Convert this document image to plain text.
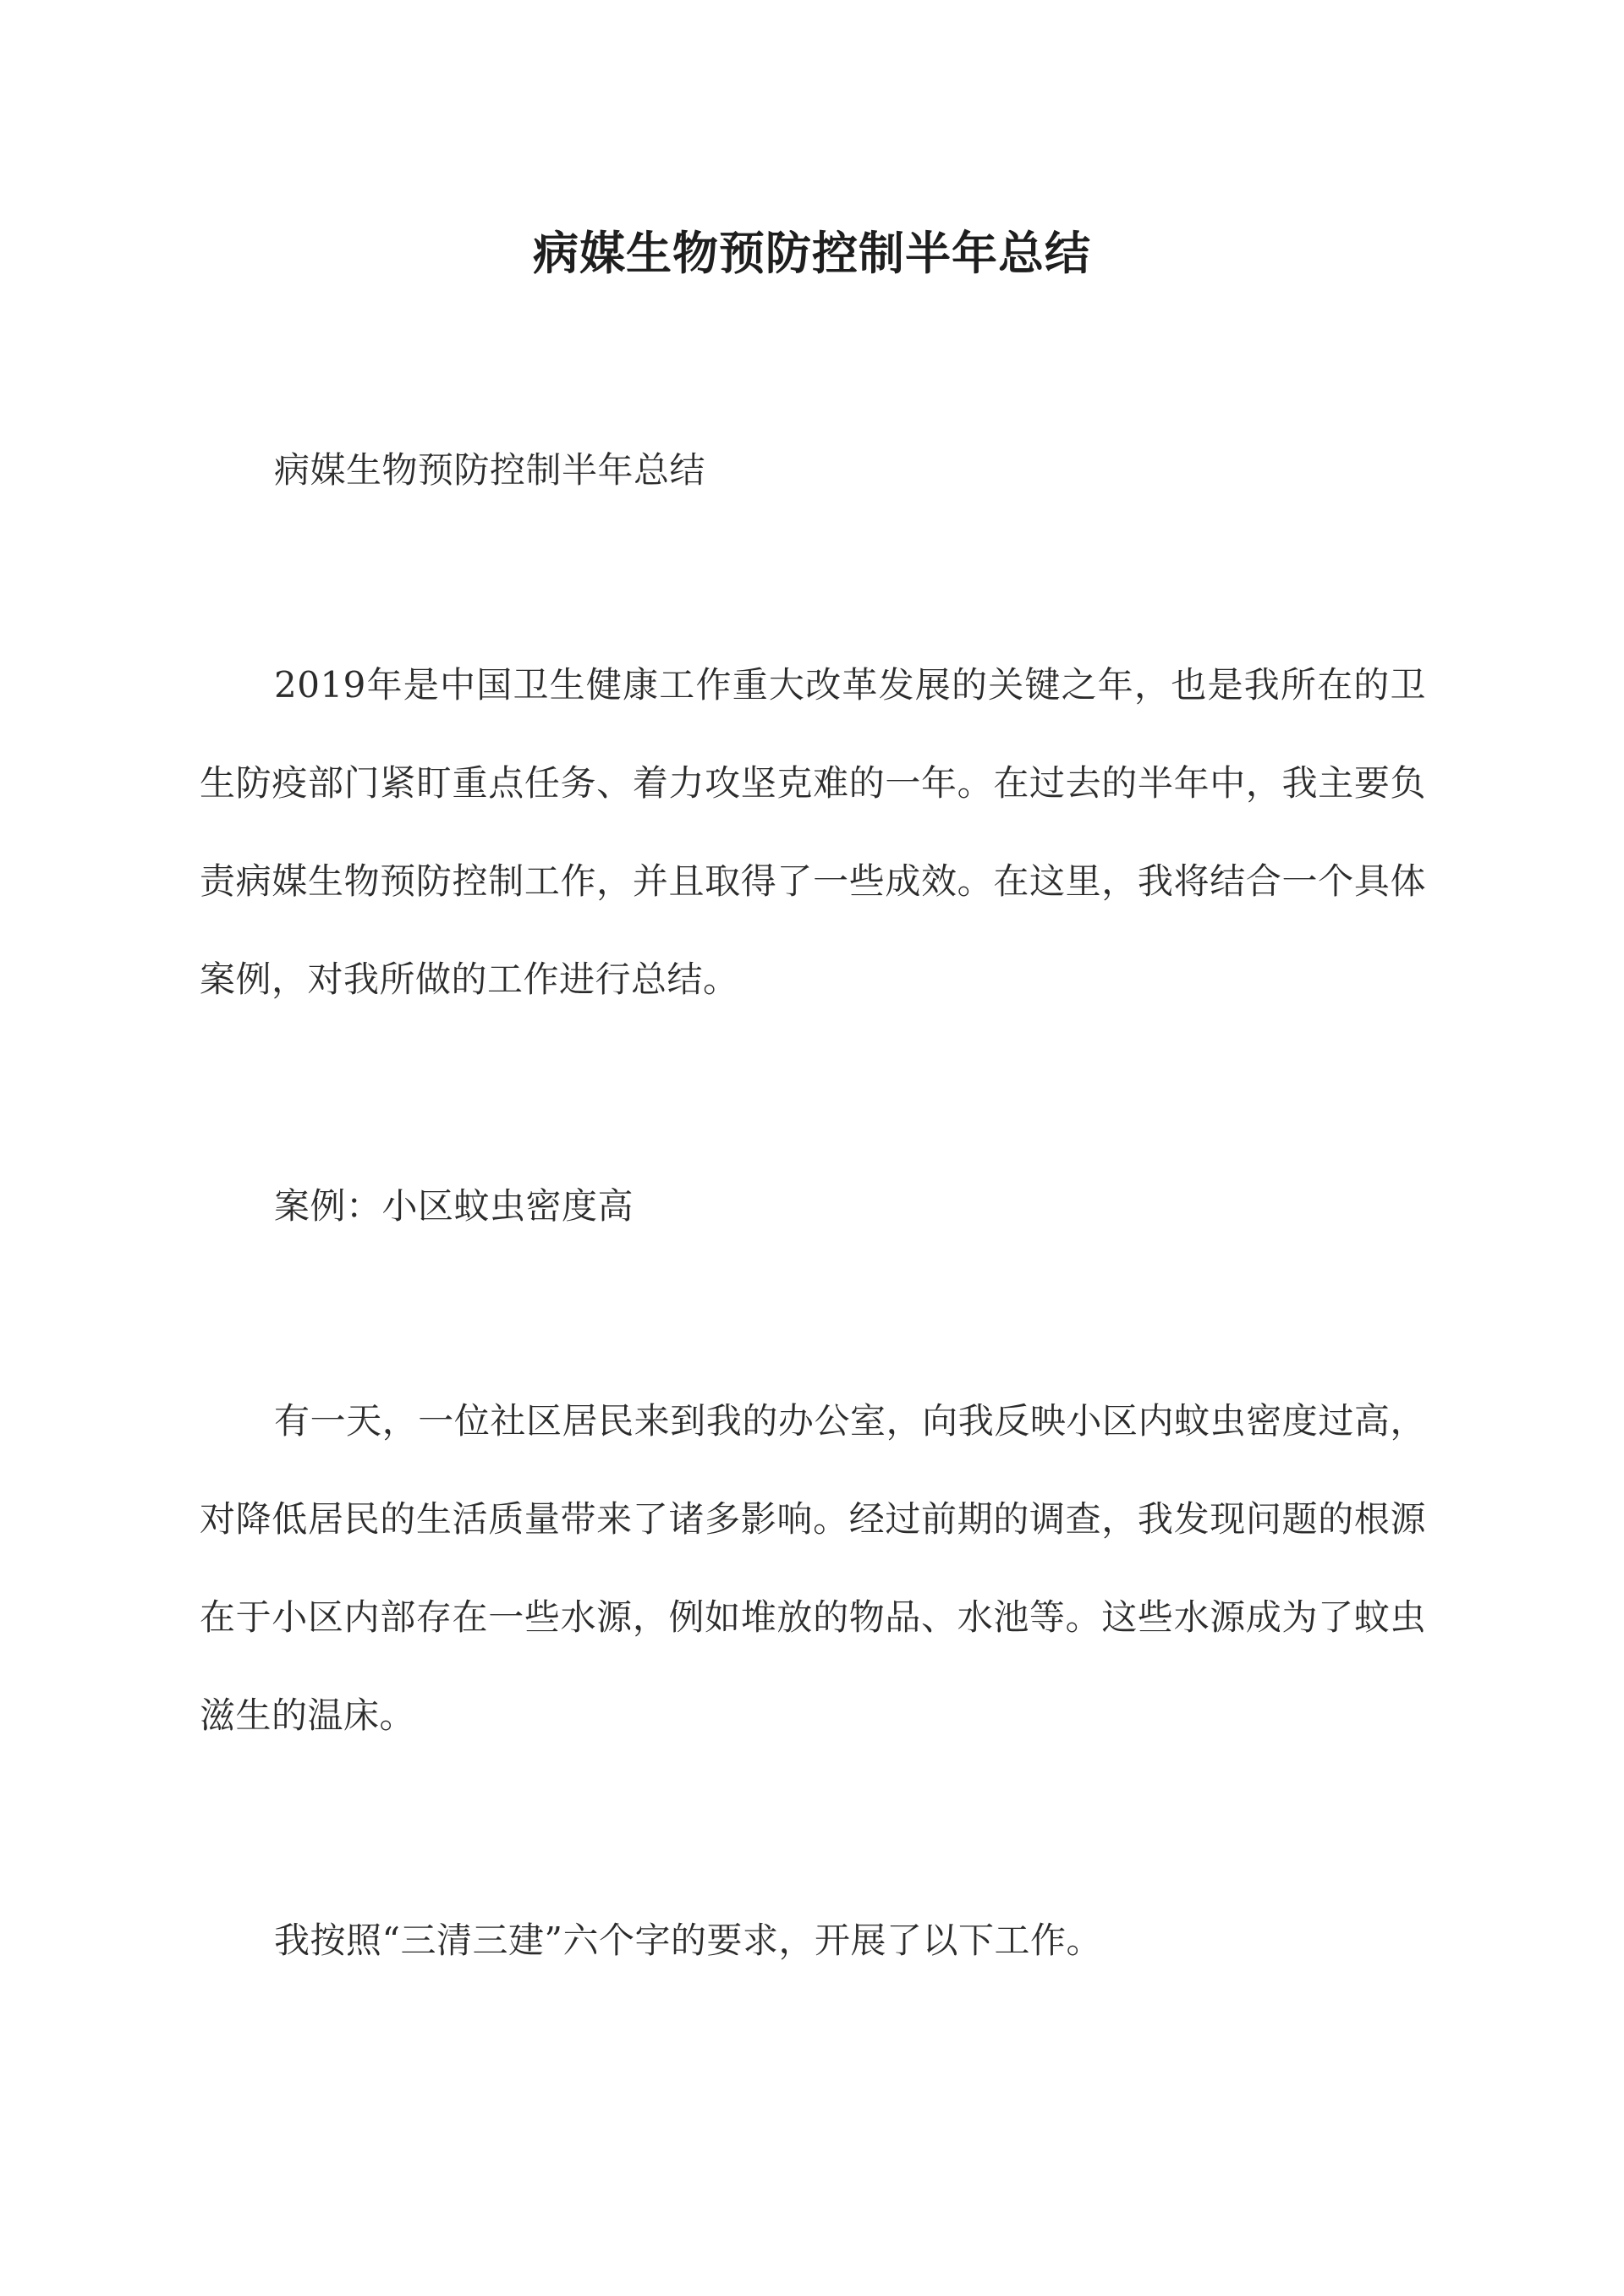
病媒生物预防控制半年总结

病媒生物预防控制半年总结

2019年是中国卫生健康工作重大改革发展的关键之年，也是我所在的卫生防疫部门紧盯重点任务、着力攻坚克难的一年。在过去的半年中，我主要负责病媒生物预防控制工作，并且取得了一些成效。在这里，我将结合一个具体案例，对我所做的工作进行总结。

案例：小区蚊虫密度高

有一天，一位社区居民来到我的办公室，向我反映小区内蚊虫密度过高，对降低居民的生活质量带来了诸多影响。经过前期的调查，我发现问题的根源在于小区内部存在一些水源，例如堆放的物品、水池等。这些水源成为了蚊虫滋生的温床。

我按照“三清三建”六个字的要求，开展了以下工作。
